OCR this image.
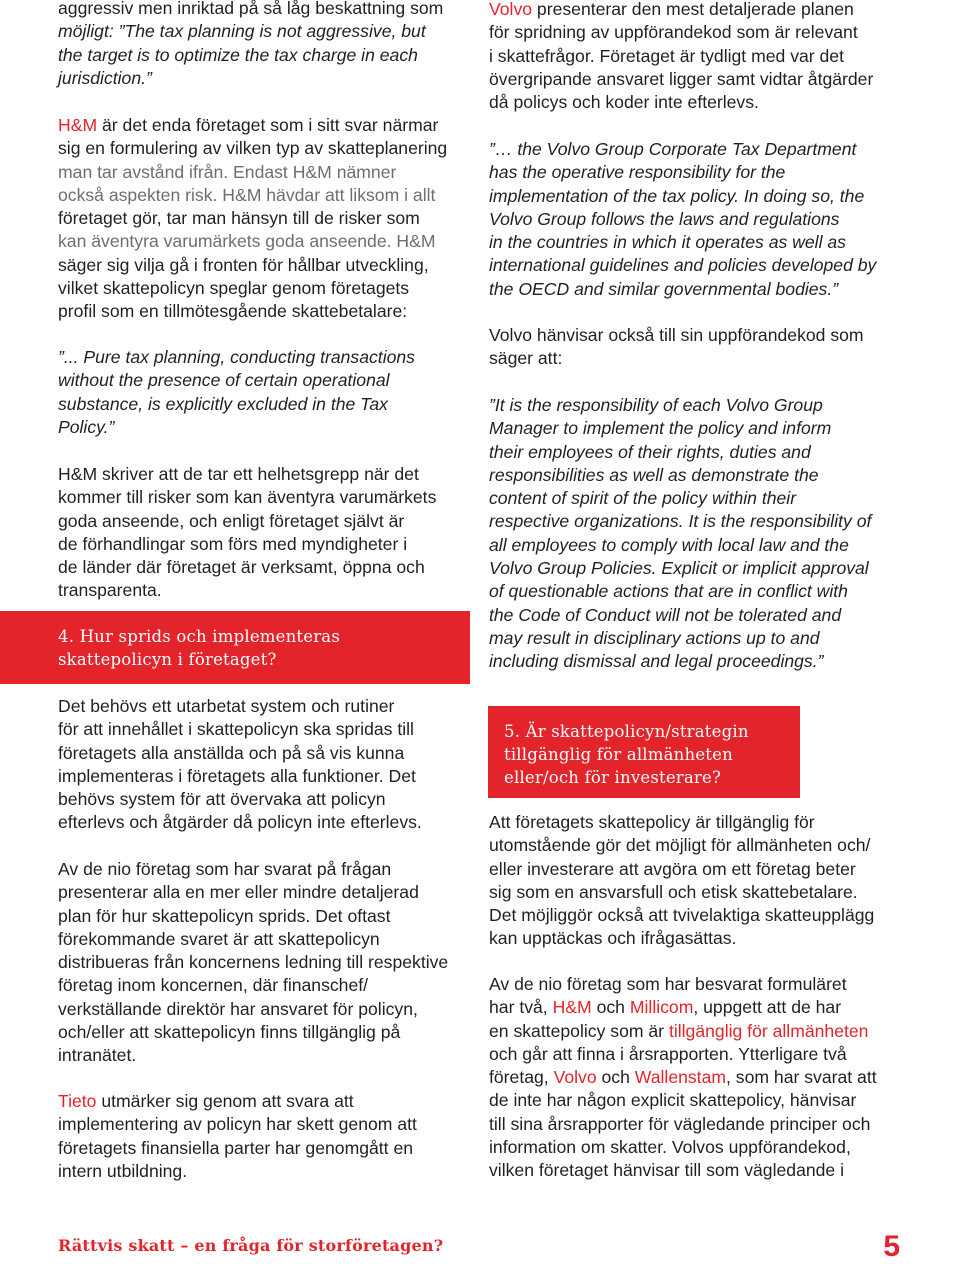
aggressiv men inriktad på så låg beskattning som
möjligt: ”The tax planning is not aggressive, but
the target is to optimize the tax charge in each
jurisdiction.”

H&M är det enda företaget som i sitt svar närmar
sig en formulering av vilken typ av skatteplanering
man tar avstånd ifrån. Endast H&M nämner
också aspekten risk. H&M hävdar att liksom i allt
företaget gör, tar man hänsyn till de risker som
kan äventyra varumärkets goda anseende. H&M
säger sig vilja gå i fronten för hållbar utveckling,
vilket skattepolicyn speglar genom företagets
profil som en tillmötesgående skattebetalare:

”... Pure tax planning, conducting transactions
without the presence of certain operational
substance, is explicitly excluded in the Tax
Policy.”

H&M skriver att de tar ett helhetsgrepp när det
kommer till risker som kan äventyra varumärkets
goda anseende, och enligt företaget självt är
de förhandlingar som förs med myndigheter i
de länder där företaget är verksamt, öppna och
transparenta.

4. Hur sprids och implementeras
skattepolicyn i företaget?

Det behövs ett utarbetat system och rutiner
för att innehållet i skattepolicyn ska spridas till
företagets alla anställda och på så vis kunna
implementeras i företagets alla funktioner. Det
behövs system för att övervaka att policyn
efterlevs och åtgärder då policyn inte efterlevs.

Av de nio företag som har svarat på frågan
presenterar alla en mer eller mindre detaljerad
plan för hur skattepolicyn sprids. Det oftast
förekommande svaret är att skattepolicyn
distribueras från koncernens ledning till respektive
företag inom koncernen, där finanschef/
verkställande direktör har ansvaret för policyn,
och/eller att skattepolicyn finns tillgänglig på
intranätet.

Tieto utmärker sig genom att svara att
implementering av policyn har skett genom att
företagets finansiella parter har genomgått en
intern utbildning.

Volvo presenterar den mest detaljerade planen
för spridning av uppförandekod som är relevant
i skattefrågor. Företaget är tydligt med var det
övergripande ansvaret ligger samt vidtar åtgärder
då policys och koder inte efterlevs.

”… the Volvo Group Corporate Tax Department
has the operative responsibility for the
implementation of the tax policy. In doing so, the
Volvo Group follows the laws and regulations
in the countries in which it operates as well as
international guidelines and policies developed by
the OECD and similar governmental bodies.”

Volvo hänvisar också till sin uppförandekod som
säger att:

”It is the responsibility of each Volvo Group
Manager to implement the policy and inform
their employees of their rights, duties and
responsibilities as well as demonstrate the
content of spirit of the policy within their
respective organizations. It is the responsibility of
all employees to comply with local law and the
Volvo Group Policies. Explicit or implicit approval
of questionable actions that are in conflict with
the Code of Conduct will not be tolerated and
may result in disciplinary actions up to and
including dismissal and legal proceedings.”

5. Är skattepolicyn/strategin
tillgänglig för allmänheten
eller/och för investerare?

Att företagets skattepolicy är tillgänglig för
utomstående gör det möjligt för allmänheten och/
eller investerare att avgöra om ett företag beter
sig som en ansvarsfull och etisk skattebetalare.
Det möjliggör också att tvivelaktiga skatteupplägg
kan upptäckas och ifrågasättas.

Av de nio företag som har besvarat formuläret
har två, H&M och Millicom, uppgett att de har
en skattepolicy som är tillgänglig för allmänheten
och går att finna i årsrapporten. Ytterligare två
företag, Volvo och Wallenstam, som har svarat att
de inte har någon explicit skattepolicy, hänvisar
till sina årsrapporter för vägledande principer och
information om skatter. Volvos uppförandekod,
vilken företaget hänvisar till som vägledande i

Rättvis skatt – en fråga för storföretagen?	5
